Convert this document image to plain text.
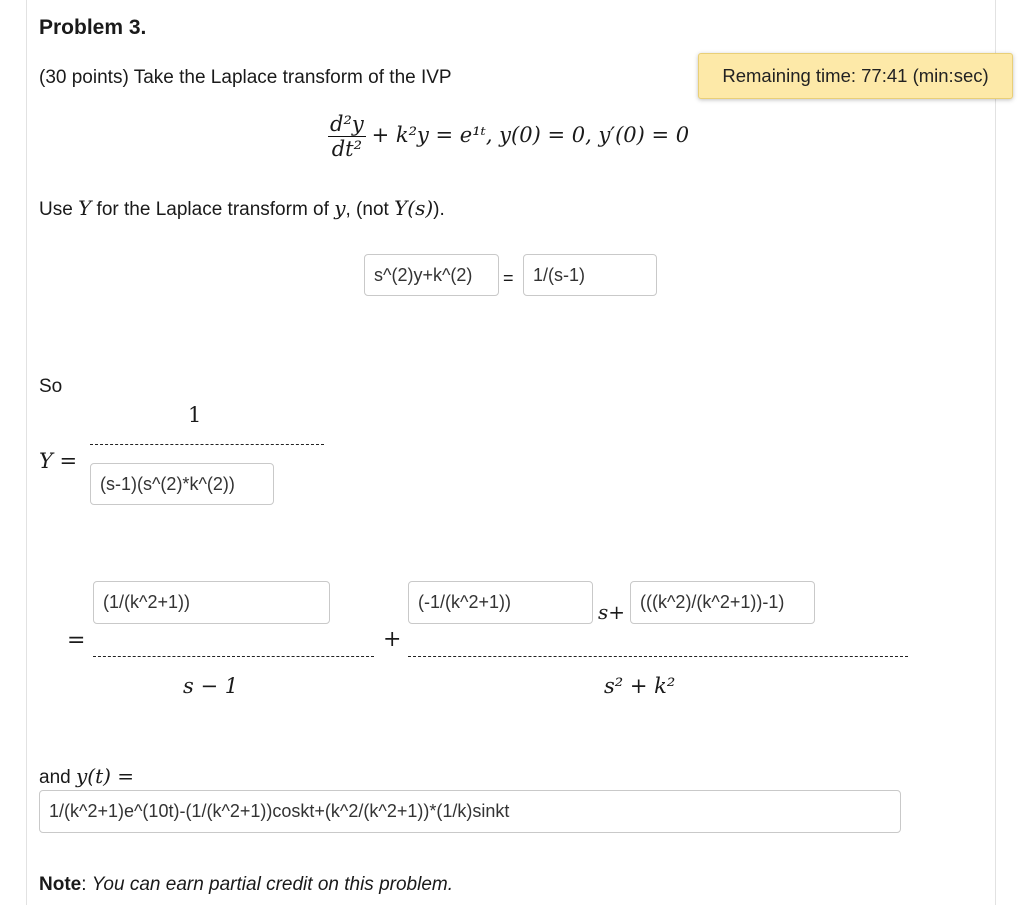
Problem 3.
(30 points) Take the Laplace transform of the IVP	Remaining time: 77:41 (min:sec)
$\frac{\text{d²y}}{\text{dt²}} + k^2y$ = e¹ᵗ, y(0) = 0, y′(0) = 0
Use Y for the Laplace transform of y, (not Y(s)).
s^(2)y+k^(2)	=	1/(s-1)
So
1
Y =
(s-1)(s^(2)*k^(2))
(1/(k^2+1))	(-1/(k^2+1))	s+ (((k^2)/(k^2+1))-1)
=	+
s − 1	s² + k²
and y(t) =
1/(k^2+1)e^(10t)-(1/(k^2+1))coskt+(k^2/(k^2+1))*(1/k)sinkt
Note: You can earn partial credit on this problem.
